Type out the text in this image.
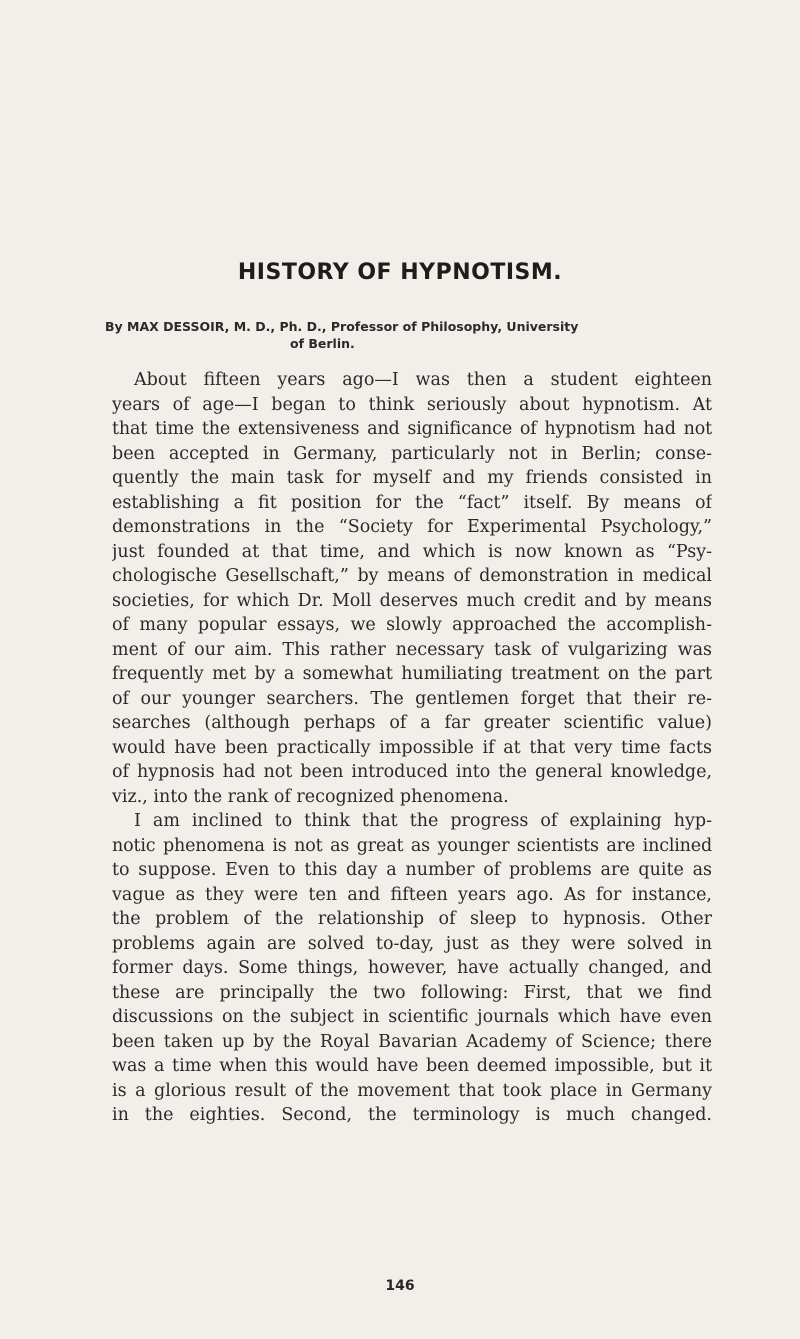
HISTORY OF HYPNOTISM.
By MAX DESSOIR, M. D., Ph. D., Professor of Philosophy, University
of Berlin.
About fifteen years ago—I was then a student eighteen
years of age—I began to think seriously about hypnotism. At
that time the extensiveness and significance of hypnotism had not
been accepted in Germany, particularly not in Berlin; conse-
quently the main task for myself and my friends consisted in
establishing a fit position for the “fact” itself. By means of
demonstrations in the “Society for Experimental Psychology,”
just founded at that time, and which is now known as “Psy-
chologische Gesellschaft,” by means of demonstration in medical
societies, for which Dr. Moll deserves much credit and by means
of many popular essays, we slowly approached the accomplish-
ment of our aim. This rather necessary task of vulgarizing was
frequently met by a somewhat humiliating treatment on the part
of our younger searchers. The gentlemen forget that their re-
searches (although perhaps of a far greater scientific value)
would have been practically impossible if at that very time facts
of hypnosis had not been introduced into the general knowledge,
viz., into the rank of recognized phenomena.
I am inclined to think that the progress of explaining hyp-
notic phenomena is not as great as younger scientists are inclined
to suppose. Even to this day a number of problems are quite as
vague as they were ten and fifteen years ago. As for instance,
the problem of the relationship of sleep to hypnosis. Other
problems again are solved to-day, just as they were solved in
former days. Some things, however, have actually changed, and
these are principally the two following: First, that we find
discussions on the subject in scientific journals which have even
been taken up by the Royal Bavarian Academy of Science; there
was a time when this would have been deemed impossible, but it
is a glorious result of the movement that took place in Germany
in the eighties. Second, the terminology is much changed.
146
